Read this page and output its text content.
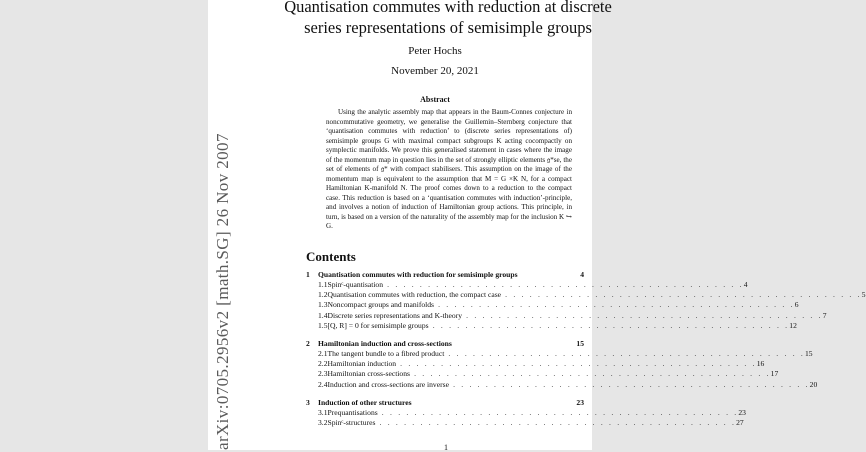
arXiv:0705.2956v2 [math.SG] 26 Nov 2007
Quantisation commutes with reduction at discrete
series representations of semisimple groups
Peter Hochs
November 20, 2021
Abstract
Using the analytic assembly map that appears in the Baum-Connes conjecture in noncommutative geometry, we generalise the Guillemin–Sternberg conjecture that ‘quantisation commutes with reduction’ to (discrete series representations of) semisimple groups G with maximal compact subgroups K acting cocompactly on symplectic manifolds. We prove this generalised statement in cases where the image of the momentum map in question lies in the set of strongly elliptic elements 𝔤*se, the set of elements of 𝔤* with compact stabilisers. This assumption on the image of the momentum map is equivalent to the assumption that M = G ×K N, for a compact Hamiltonian K-manifold N. The proof comes down to a reduction to the compact case. This reduction is based on a ‘quantisation commutes with induction’-principle, and involves a notion of induction of Hamiltonian group actions. This principle, in turn, is based on a version of the naturality of the assembly map for the inclusion K ↪ G.
Contents
1	Quantisation commutes with reduction for semisimple groups	4
1.1 Spinᶜ-quantisation . . . . . . . . . . . . . . . . . . . . . . . . . . . . . . . . . . . . . . . . . . . . 4
1.2 Quantisation commutes with reduction, the compact case . . . . . . . . . . . . . . . . . . . . . . . . . . . . . . . . . . . . . . . . . . . . 5
1.3 Noncompact groups and manifolds . . . . . . . . . . . . . . . . . . . . . . . . . . . . . . . . . . . . . . . . . . . . 6
1.4 Discrete series representations and K-theory . . . . . . . . . . . . . . . . . . . . . . . . . . . . . . . . . . . . . . . . . . . . 7
1.5 [Q, R] = 0 for semisimple groups . . . . . . . . . . . . . . . . . . . . . . . . . . . . . . . . . . . . . . . . . . . . 12
2	Hamiltonian induction and cross-sections	15
2.1 The tangent bundle to a fibred product . . . . . . . . . . . . . . . . . . . . . . . . . . . . . . . . . . . . . . . . . . . . 15
2.2 Hamiltonian induction . . . . . . . . . . . . . . . . . . . . . . . . . . . . . . . . . . . . . . . . . . . . 16
2.3 Hamiltonian cross-sections . . . . . . . . . . . . . . . . . . . . . . . . . . . . . . . . . . . . . . . . . . . . 17
2.4 Induction and cross-sections are inverse . . . . . . . . . . . . . . . . . . . . . . . . . . . . . . . . . . . . . . . . . . . . 20
3	Induction of other structures	23
3.1 Prequantisations . . . . . . . . . . . . . . . . . . . . . . . . . . . . . . . . . . . . . . . . . . . . 23
3.2 Spinᶜ-structures . . . . . . . . . . . . . . . . . . . . . . . . . . . . . . . . . . . . . . . . . . . . 27
1
